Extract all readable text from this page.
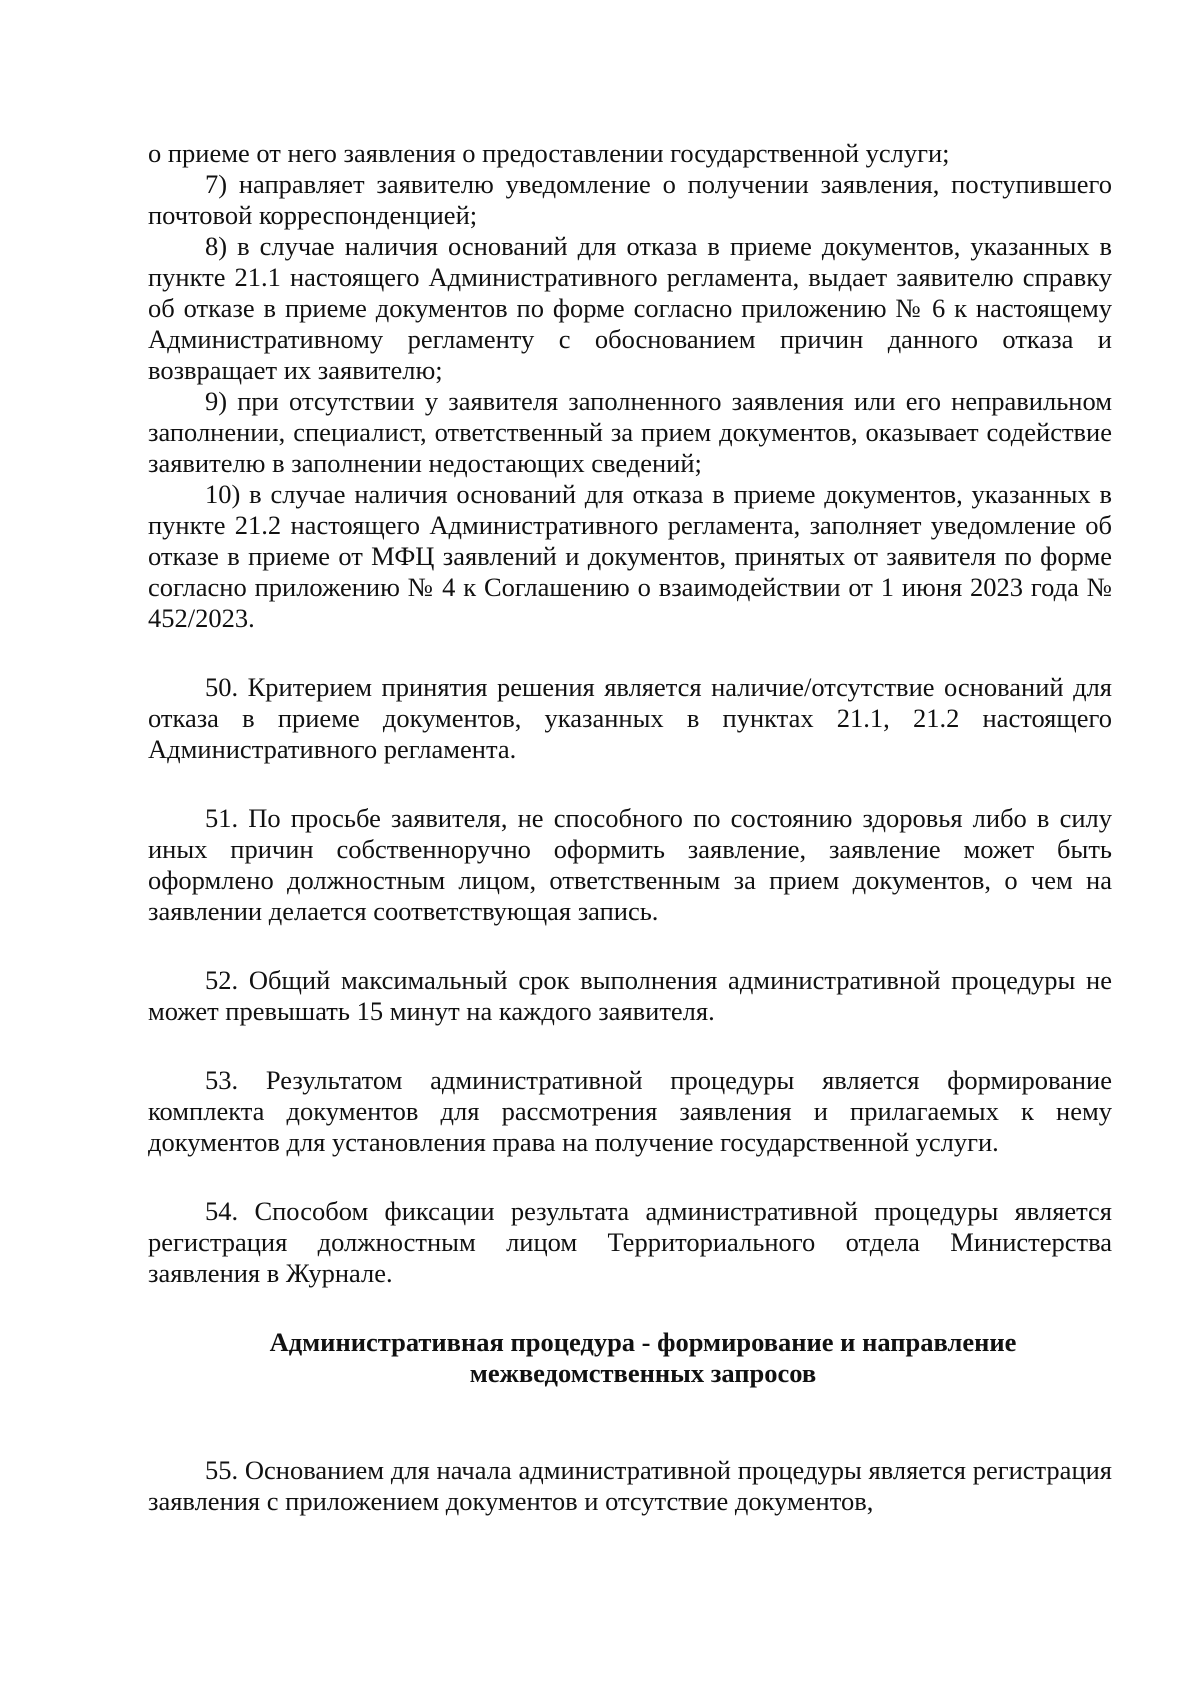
о приеме от него заявления о предоставлении государственной услуги;

7) направляет заявителю уведомление о получении заявления, поступившего почтовой корреспонденцией;

8) в случае наличия оснований для отказа в приеме документов, указанных в пункте 21.1 настоящего Административного регламента, выдает заявителю справку об отказе в приеме документов по форме согласно приложению № 6 к настоящему Административному регламенту с обоснованием причин данного отказа и возвращает их заявителю;

9) при отсутствии у заявителя заполненного заявления или его неправильном заполнении, специалист, ответственный за прием документов, оказывает содействие заявителю в заполнении недостающих сведений;

10) в случае наличия оснований для отказа в приеме документов, указанных в пункте 21.2 настоящего Административного регламента, заполняет уведомление об отказе в приеме от МФЦ заявлений и документов, принятых от заявителя по форме согласно приложению № 4 к Соглашению о взаимодействии от 1 июня 2023 года № 452/2023.

50. Критерием принятия решения является наличие/отсутствие оснований для отказа в приеме документов, указанных в пунктах 21.1, 21.2 настоящего Административного регламента.

51. По просьбе заявителя, не способного по состоянию здоровья либо в силу иных причин собственноручно оформить заявление, заявление может быть оформлено должностным лицом, ответственным за прием документов, о чем на заявлении делается соответствующая запись.

52. Общий максимальный срок выполнения административной процедуры не может превышать 15 минут на каждого заявителя.

53. Результатом административной процедуры является формирование комплекта документов для рассмотрения заявления и прилагаемых к нему документов для установления права на получение государственной услуги.

54. Способом фиксации результата административной процедуры является регистрация должностным лицом Территориального отдела Министерства заявления в Журнале.

Административная процедура - формирование и направление

межведомственных запросов

55. Основанием для начала административной процедуры является регистрация заявления с приложением документов и отсутствие документов,
